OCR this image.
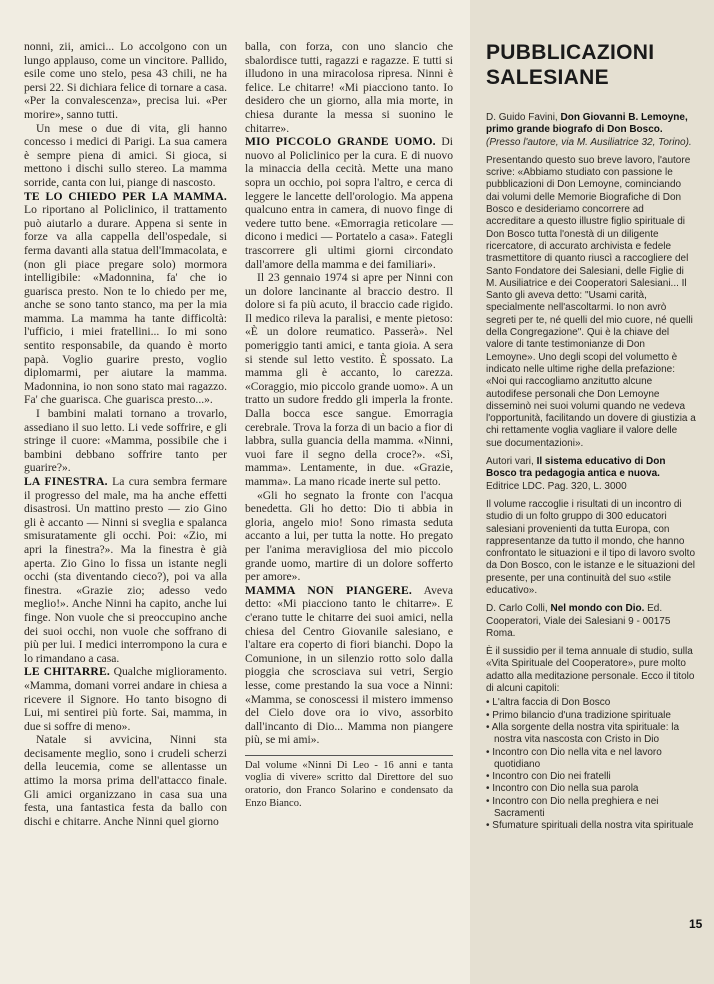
nonni, zii, amici... Lo accolgono con un lungo applauso, come un vincitore. Pallido, esile come uno stelo, pesa 43 chili, ne ha persi 22. Si dichiara felice di tornare a casa. «Per la convalescenza», precisa lui. «Per morire», sanno tutti.

Un mese o due di vita, gli hanno concesso i medici di Parigi. La sua camera è sempre piena di amici. Si gioca, si mettono i dischi sullo stereo. La mamma sorride, canta con lui, piange di nascosto.

TE LO CHIEDO PER LA MAMMA. Lo riportano al Policlinico, il trattamento può aiutarlo a durare. Appena si sente in forze va alla cappella dell'ospedale, si ferma davanti alla statua dell'Immacolata, e (non gli piace pregare solo) mormora intelligibile: «Madonnina, fa' che io guarisca presto. Non te lo chiedo per me, anche se sono tanto stanco, ma per la mia mamma. La mamma ha tante difficoltà: l'ufficio, i miei fratellini... Io mi sono sentito responsabile, da quando è morto papà. Voglio guarire presto, voglio diplomarmi, per aiutare la mamma. Madonnina, io non sono stato mai ragazzo. Fa' che guarisca. Che guarisca presto...».

I bambini malati tornano a trovarlo, assediano il suo letto. Li vede soffrire, e gli stringe il cuore: «Mamma, possibile che i bambini debbano soffrire tanto per guarire?».

LA FINESTRA. La cura sembra fermare il progresso del male, ma ha anche effetti disastrosi. Un mattino presto — zio Gino gli è accanto — Ninni si sveglia e spalanca smisuratamente gli occhi. Poi: «Zio, mi apri la finestra?». Ma la finestra è già aperta. Zio Gino lo fissa un istante negli occhi (sta diventando cieco?), poi va alla finestra. «Grazie zio; adesso vedo meglio!». Anche Ninni ha capito, anche lui finge. Non vuole che si preoccupino anche dei suoi occhi, non vuole che soffrano di più per lui. I medici interrompono la cura e lo rimandano a casa.

LE CHITARRE. Qualche miglioramento. «Mamma, domani vorrei andare in chiesa a ricevere il Signore. Ho tanto bisogno di Lui, mi sentirei più forte. Sai, mamma, in due si soffre di meno».

Natale si avvicina, Ninni sta decisamente meglio, sono i crudeli scherzi della leucemia, come se allentasse un attimo la morsa prima dell'attacco finale. Gli amici organizzano in casa sua una festa, una fantastica festa da ballo con dischi e chitarre. Anche Ninni quel giorno

balla, con forza, con uno slancio che sbalordisce tutti, ragazzi e ragazze. E tutti si illudono in una miracolosa ripresa. Ninni è felice. Le chitarre! «Mi piacciono tanto. Io desidero che un giorno, alla mia morte, in chiesa durante la messa si suonino le chitarre».

MIO PICCOLO GRANDE UOMO. Di nuovo al Policlinico per la cura. E di nuovo la minaccia della cecità. Mette una mano sopra un occhio, poi sopra l'altro, e cerca di leggere le lancette dell'orologio. Ma appena qualcuno entra in camera, di nuovo finge di vedere tutto bene. «Emorragia reticolare — dicono i medici — Portatelo a casa». Fategli trascorrere gli ultimi giorni circondato dall'amore della mamma e dei familiari».

Il 23 gennaio 1974 si apre per Ninni con un dolore lancinante al braccio destro. Il dolore si fa più acuto, il braccio cade rigido. Il medico rileva la paralisi, e mente pietoso: «È un dolore reumatico. Passerà». Nel pomeriggio tanti amici, e tanta gioia. A sera si stende sul letto vestito. È spossato. La mamma gli è accanto, lo carezza. «Coraggio, mio piccolo grande uomo». A un tratto un sudore freddo gli imperla la fronte. Dalla bocca esce sangue. Emorragia cerebrale. Trova la forza di un bacio a fior di labbra, sulla guancia della mamma. «Ninni, vuoi fare il segno della croce?». «Sì, mamma». Lentamente, in due. «Grazie, mamma». La mano ricade inerte sul petto.

«Gli ho segnato la fronte con l'acqua benedetta. Gli ho detto: Dio ti abbia in gloria, angelo mio! Sono rimasta seduta accanto a lui, per tutta la notte. Ho pregato per l'anima meravigliosa del mio piccolo grande uomo, martire di un dolore sofferto per amore».

MAMMA NON PIANGERE. Aveva detto: «Mi piacciono tanto le chitarre». E c'erano tutte le chitarre dei suoi amici, nella chiesa del Centro Giovanile salesiano, e l'altare era coperto di fiori bianchi. Dopo la Comunione, in un silenzio rotto solo dalla pioggia che scrosciava sui vetri, Sergio lesse, come prestando la sua voce a Ninni: «Mamma, se conoscessi il mistero immenso del Cielo dove ora io vivo, assorbito dall'incanto di Dio... Mamma non piangere più, se mi ami».

Dal volume «Ninni Di Leo - 16 anni e tanta voglia di vivere» scritto dal Direttore del suo oratorio, don Franco Solarino e condensato da Enzo Bianco.

PUBBLICAZIONI SALESIANE

D. Guido Favini, Don Giovanni B. Lemoyne, primo grande biografo di Don Bosco. (Presso l'autore, via M. Ausiliatrice 32, Torino).

Presentando questo suo breve lavoro, l'autore scrive: «Abbiamo studiato con passione le pubblicazioni di Don Lemoyne, cominciando dai volumi delle Memorie Biografiche di Don Bosco e desideriamo concorrere ad accreditare a questo illustre figlio spirituale di Don Bosco tutta l'onestà di un diligente ricercatore, di accurato archivista e fedele trasmettitore di quanto riuscì a raccogliere del Santo Fondatore dei Salesiani, delle Figlie di M. Ausiliatrice e dei Cooperatori Salesiani... Il Santo gli aveva detto: "Usami carità, specialmente nell'ascoltarmi. Io non avrò segreti per te, né quelli del mio cuore, né quelli della Congregazione". Qui è la chiave del valore di tante testimonianze di Don Lemoyne». Uno degli scopi del volumetto è indicato nelle ultime righe della prefazione: «Noi qui raccogliamo anzitutto alcune autodifese personali che Don Lemoyne disseminò nei suoi volumi quando ne vedeva l'opportunità, facilitando un dovere di giustizia a chi rettamente voglia vagliare il valore delle sue documentazioni».

Autori vari, Il sistema educativo di Don Bosco tra pedagogia antica e nuova. Editrice LDC. Pag. 320, L. 3000

Il volume raccoglie i risultati di un incontro di studio di un folto gruppo di 300 educatori salesiani provenienti da tutta Europa, con rappresentanze da tutto il mondo, che hanno confrontato le situazioni e il tipo di lavoro svolto da Don Bosco, con le istanze e le situazioni del presente, per una continuità del suo «stile educativo».

D. Carlo Colli, Nel mondo con Dio. Ed. Cooperatori, Viale dei Salesiani 9 - 00175 Roma.

È il sussidio per il tema annuale di studio, sulla «Vita Spirituale del Cooperatore», pure molto adatto alla meditazione personale. Ecco il titolo di alcuni capitoli:

• L'altra faccia di Don Bosco
• Primo bilancio d'una tradizione spirituale
• Alla sorgente della nostra vita spirituale: la nostra vita nascosta con Cristo in Dio
• Incontro con Dio nella vita e nel lavoro quotidiano
• Incontro con Dio nei fratelli
• Incontro con Dio nella sua parola
• Incontro con Dio nella preghiera e nei Sacramenti
• Sfumature spirituali della nostra vita spirituale
15
